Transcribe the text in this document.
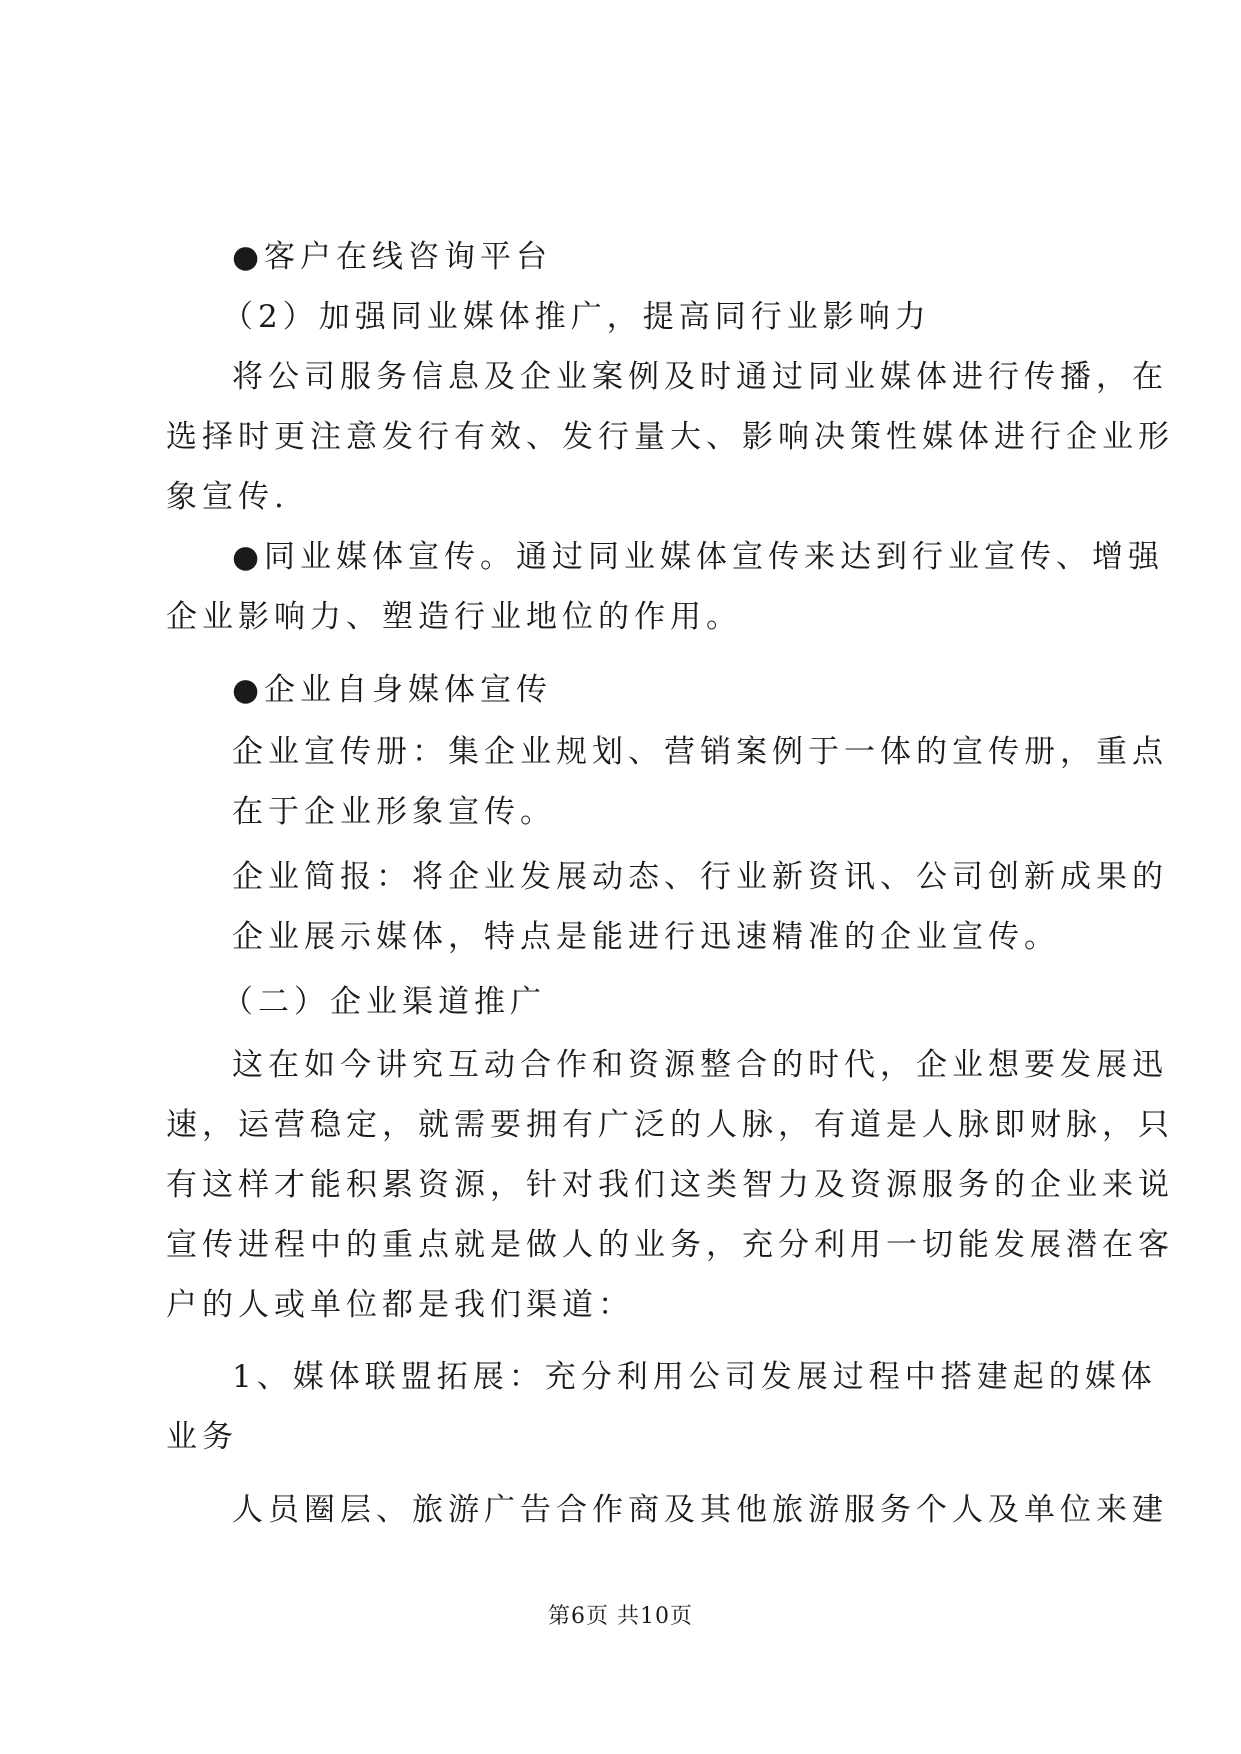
●客户在线咨询平台
（2）加强同业媒体推广，提高同行业影响力
将公司服务信息及企业案例及时通过同业媒体进行传播，在
选择时更注意发行有效、发行量大、影响决策性媒体进行企业形
象宣传.
●同业媒体宣传。通过同业媒体宣传来达到行业宣传、增强
企业影响力、塑造行业地位的作用。
●企业自身媒体宣传
企业宣传册：集企业规划、营销案例于一体的宣传册，重点
在于企业形象宣传。
企业简报：将企业发展动态、行业新资讯、公司创新成果的
企业展示媒体，特点是能进行迅速精准的企业宣传。
（二）企业渠道推广
这在如今讲究互动合作和资源整合的时代，企业想要发展迅
速，运营稳定，就需要拥有广泛的人脉，有道是人脉即财脉，只
有这样才能积累资源，针对我们这类智力及资源服务的企业来说
宣传进程中的重点就是做人的业务，充分利用一切能发展潜在客
户的人或单位都是我们渠道：
1、媒体联盟拓展：充分利用公司发展过程中搭建起的媒体
业务
人员圈层、旅游广告合作商及其他旅游服务个人及单位来建
第6页 共10页
